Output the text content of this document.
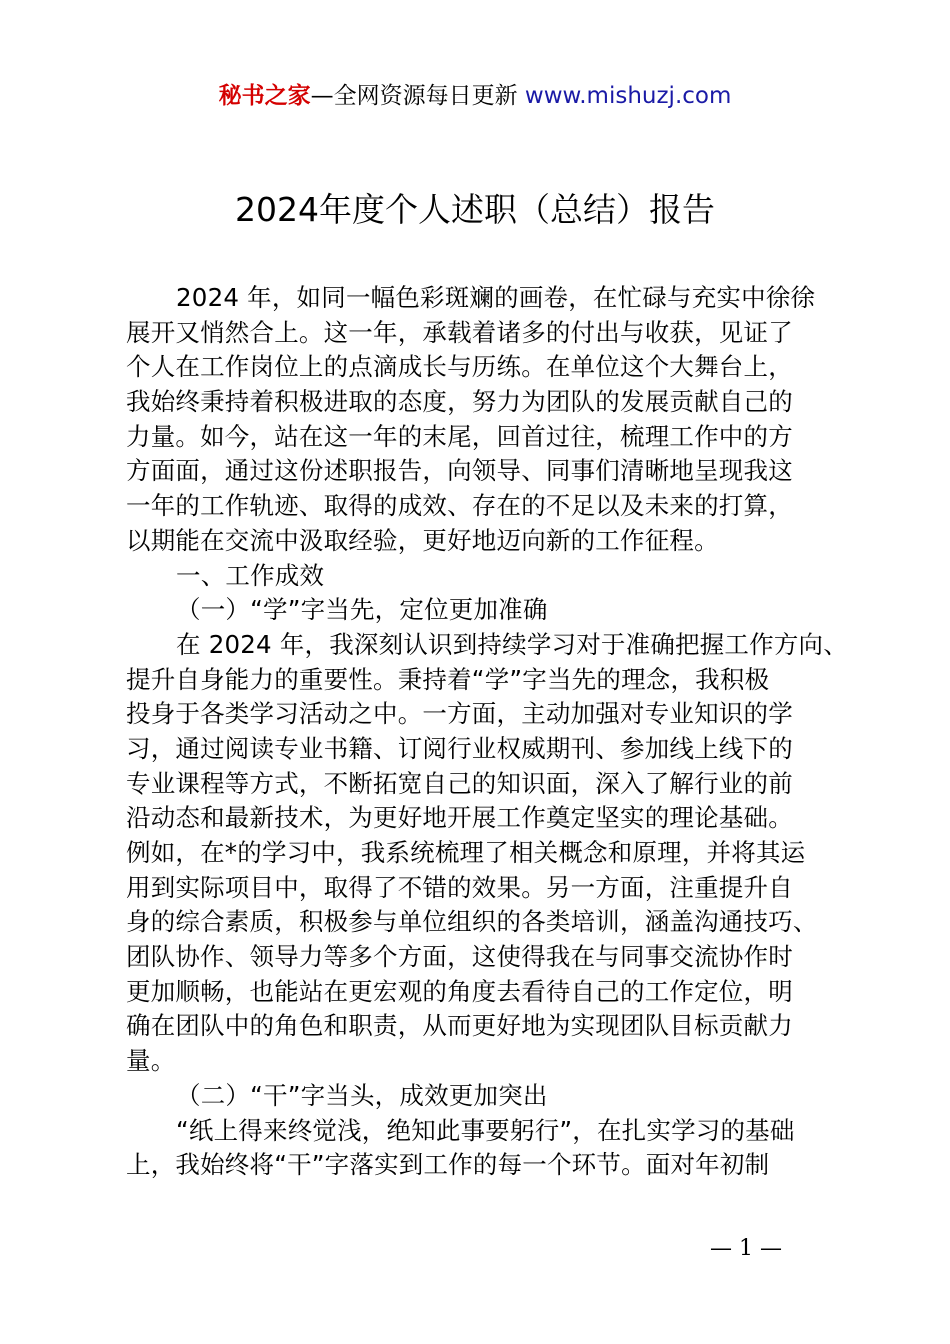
秘书之家—全网资源每日更新 www.mishuzj.com
2024年度个人述职（总结）报告
2024 年，如同一幅色彩斑斓的画卷，在忙碌与充实中徐徐
展开又悄然合上。这一年，承载着诸多的付出与收获，见证了
个人在工作岗位上的点滴成长与历练。在单位这个大舞台上，
我始终秉持着积极进取的态度，努力为团队的发展贡献自己的
力量。如今，站在这一年的末尾，回首过往，梳理工作中的方
方面面，通过这份述职报告，向领导、同事们清晰地呈现我这
一年的工作轨迹、取得的成效、存在的不足以及未来的打算，
以期能在交流中汲取经验，更好地迈向新的工作征程。
一、工作成效
（一）“学”字当先，定位更加准确
在 2024 年，我深刻认识到持续学习对于准确把握工作方向、
提升自身能力的重要性。秉持着“学”字当先的理念，我积极
投身于各类学习活动之中。一方面，主动加强对专业知识的学
习，通过阅读专业书籍、订阅行业权威期刊、参加线上线下的
专业课程等方式，不断拓宽自己的知识面，深入了解行业的前
沿动态和最新技术，为更好地开展工作奠定坚实的理论基础。
例如，在*的学习中，我系统梳理了相关概念和原理，并将其运
用到实际项目中，取得了不错的效果。另一方面，注重提升自
身的综合素质，积极参与单位组织的各类培训，涵盖沟通技巧、
团队协作、领导力等多个方面，这使得我在与同事交流协作时
更加顺畅，也能站在更宏观的角度去看待自己的工作定位，明
确在团队中的角色和职责，从而更好地为实现团队目标贡献力
量。
（二）“干”字当头，成效更加突出
“纸上得来终觉浅，绝知此事要躬行”，在扎实学习的基础
上，我始终将“干”字落实到工作的每一个环节。面对年初制
— 1 —
